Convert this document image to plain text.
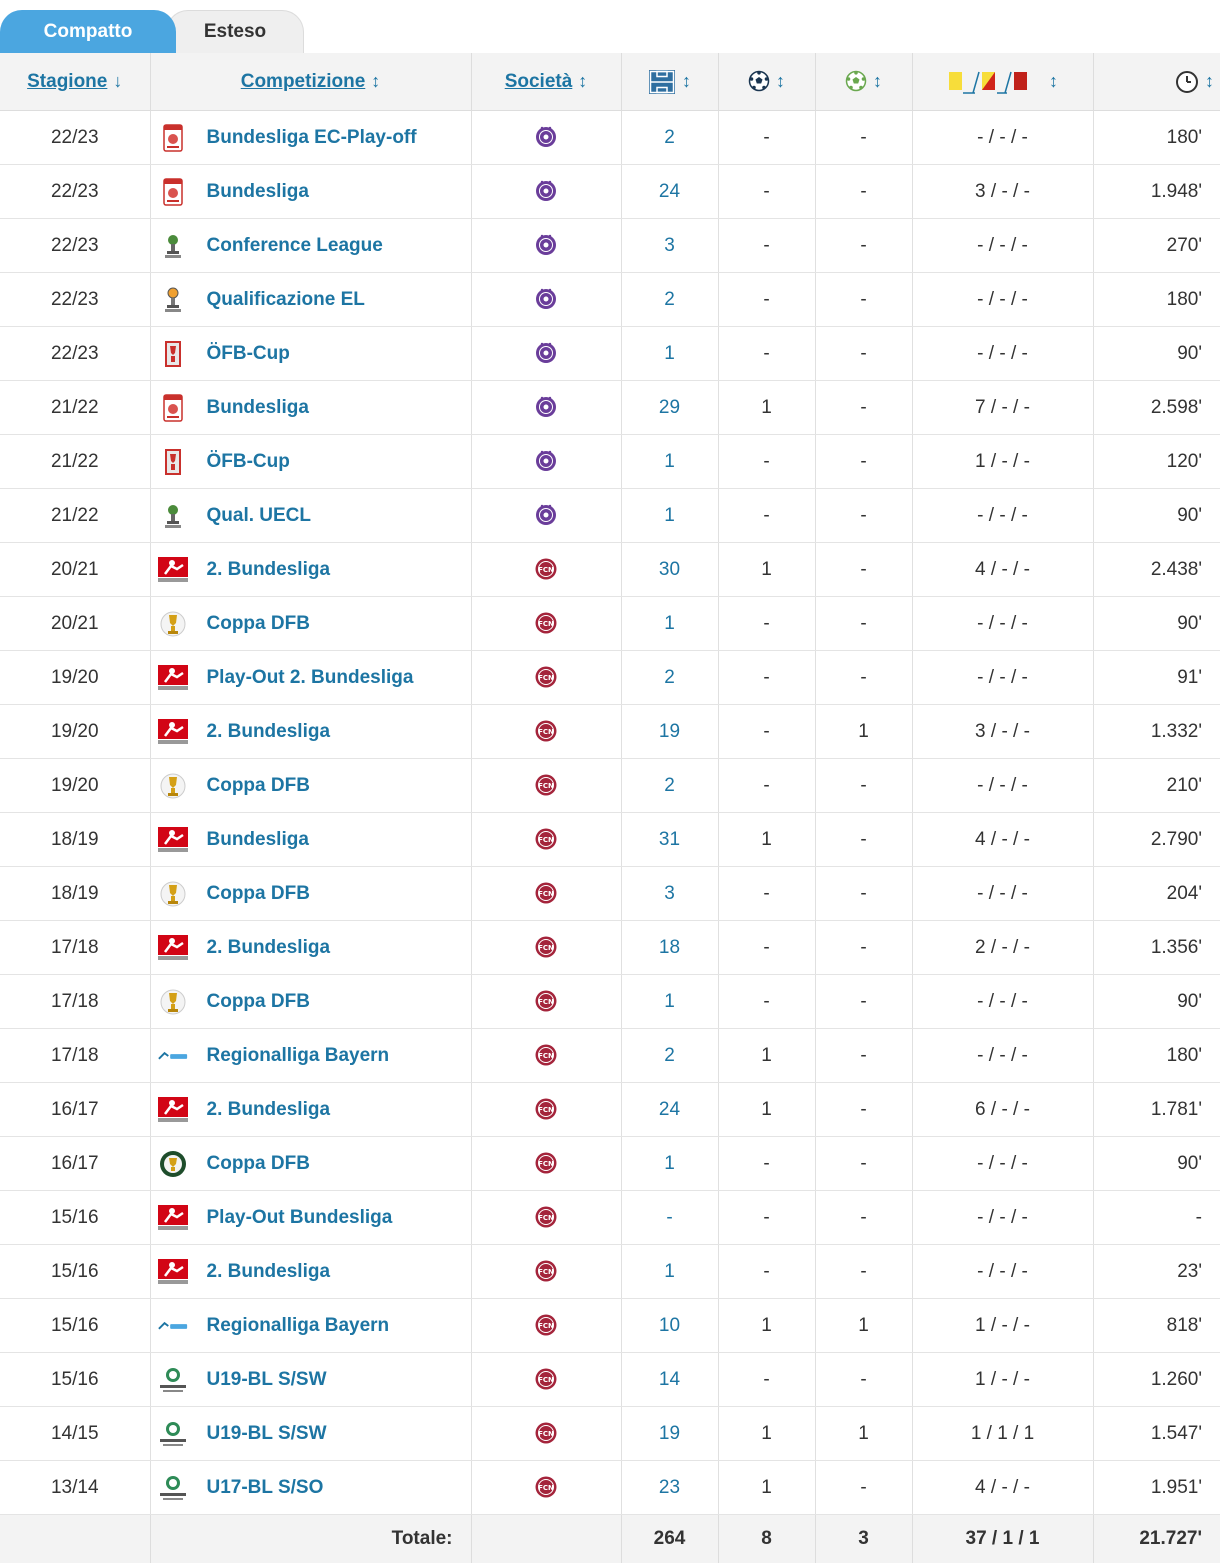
Compatto	Esteso
Stagione ↓	Competizione ↕	Società ↕	↕	↕	↕	↕	↕
22/23	Bundesliga EC-Play-off		2	-	-	- / - / -	180'
22/23	Bundesliga		24	-	-	3 / - / -	1.948'
22/23	Conference League		3	-	-	- / - / -	270'
22/23	Qualificazione EL		2	-	-	- / - / -	180'
22/23	ÖFB-Cup		1	-	-	- / - / -	90'
21/22	Bundesliga		29	1	-	7 / - / -	2.598'
21/22	ÖFB-Cup		1	-	-	1 / - / -	120'
21/22	Qual. UECL		1	-	-	- / - / -	90'
20/21	2. Bundesliga	FCN	30	1	-	4 / - / -	2.438'
20/21	Coppa DFB	FCN	1	-	-	- / - / -	90'
19/20	Play-Out 2. Bundesliga	FCN	2	-	-	- / - / -	91'
19/20	2. Bundesliga	FCN	19	-	1	3 / - / -	1.332'
19/20	Coppa DFB	FCN	2	-	-	- / - / -	210'
18/19	Bundesliga	FCN	31	1	-	4 / - / -	2.790'
18/19	Coppa DFB	FCN	3	-	-	- / - / -	204'
17/18	2. Bundesliga	FCN	18	-	-	2 / - / -	1.356'
17/18	Coppa DFB	FCN	1	-	-	- / - / -	90'
17/18	Regionalliga Bayern	FCN	2	1	-	- / - / -	180'
16/17	2. Bundesliga	FCN	24	1	-	6 / - / -	1.781'
16/17	Coppa DFB	FCN	1	-	-	- / - / -	90'
15/16	Play-Out Bundesliga	FCN	-	-	-	- / - / -	-
15/16	2. Bundesliga	FCN	1	-	-	- / - / -	23'
15/16	Regionalliga Bayern	FCN	10	1	1	1 / - / -	818'
15/16	U19-BL S/SW	FCN	14	-	-	1 / - / -	1.260'
14/15	U19-BL S/SW	FCN	19	1	1	1 / 1 / 1	1.547'
13/14	U17-BL S/SO	FCN	23	1	-	4 / - / -	1.951'
	Totale:		264	8	3	37 / 1 / 1	21.727'
